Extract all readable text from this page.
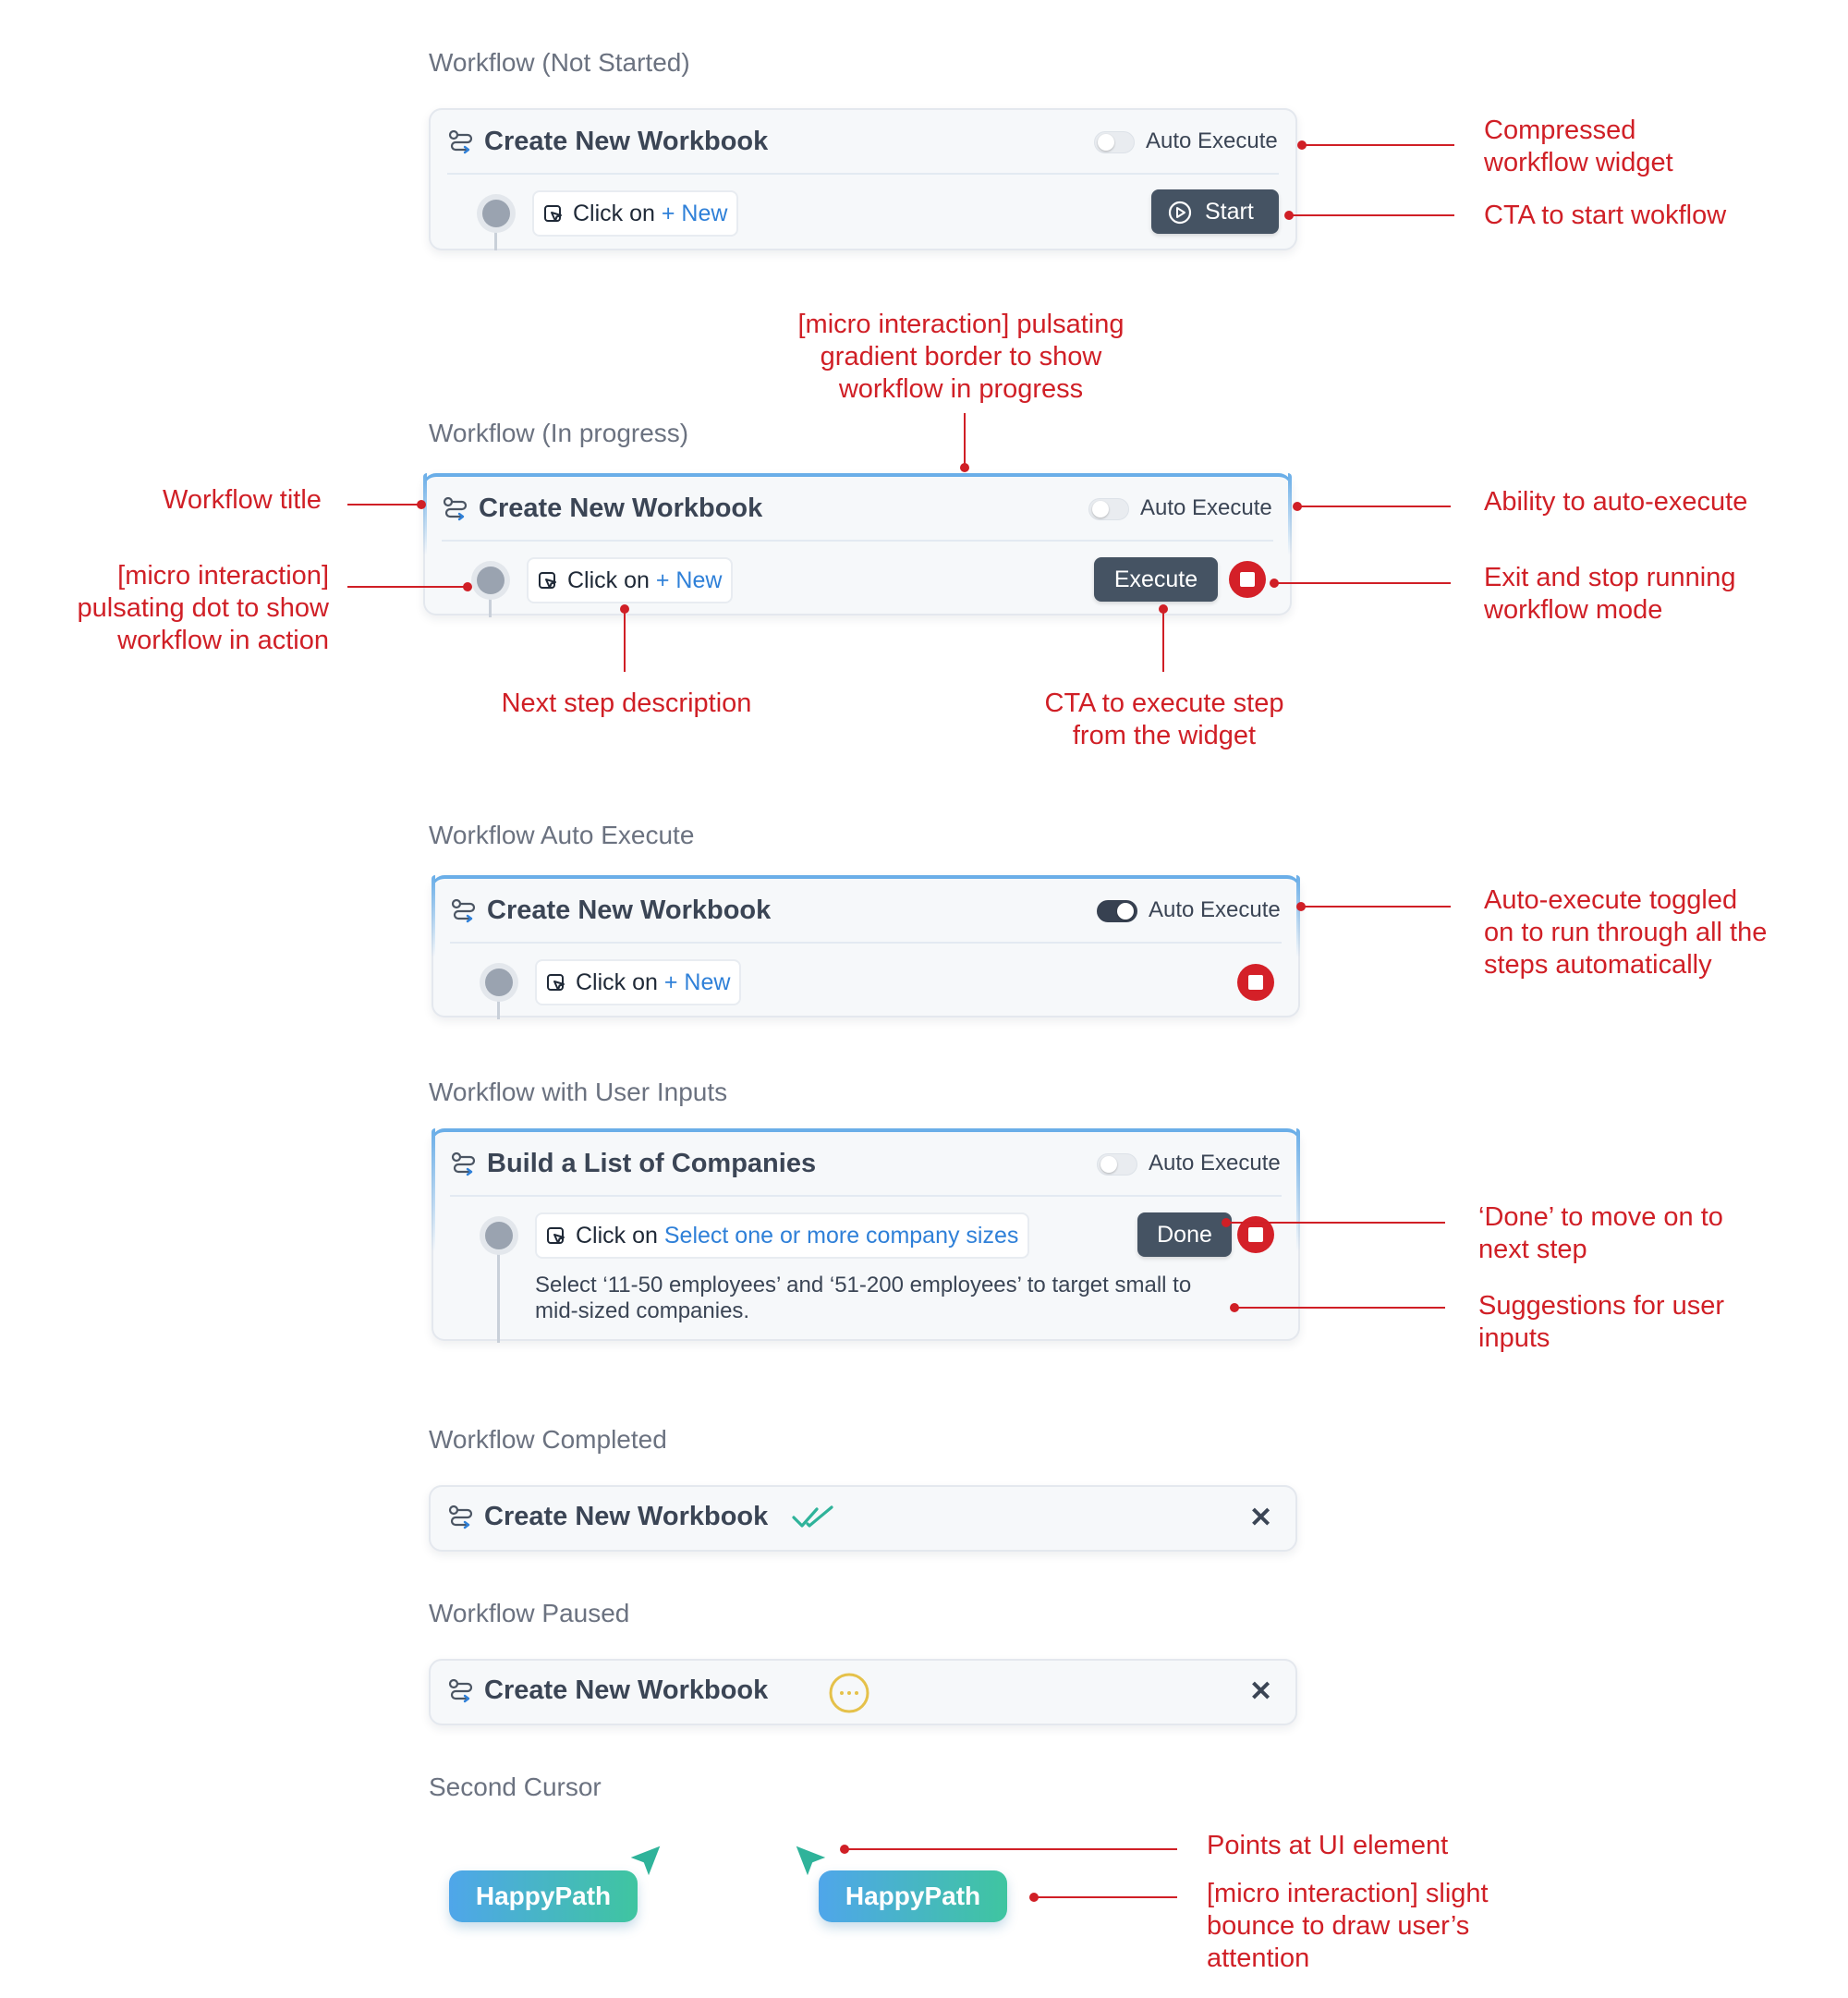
Workflow (Not Started)
Create New Workbook	Auto Execute
Click on + New	Start
Compressed
workflow widget
CTA to start wokflow
[micro interaction] pulsating
gradient border to show
workflow in progress
Workflow (In progress)
Create New Workbook	Auto Execute
Click on + New	Execute
Workflow title
[micro interaction]
pulsating dot to show
workflow in action
Ability to auto-execute
Exit and stop running
workflow mode
Next step description	CTA to execute step
from the widget
Workflow Auto Execute
Create New Workbook	Auto Execute
Click on + New
Auto-execute toggled
on to run through all the
steps automatically
Workflow with User Inputs
Build a List of Companies	Auto Execute
Click on Select one or more company sizes	Done
Select ‘11-50 employees’ and ‘51-200 employees’ to target small to
mid-sized companies.
‘Done’ to move on to
next step
Suggestions for user
inputs
Workflow Completed
Create New Workbook	✕
Workflow Paused
Create New Workbook	✕
Second Cursor
HappyPath	HappyPath
Points at UI element
[micro interaction] slight
bounce to draw user’s
attention
